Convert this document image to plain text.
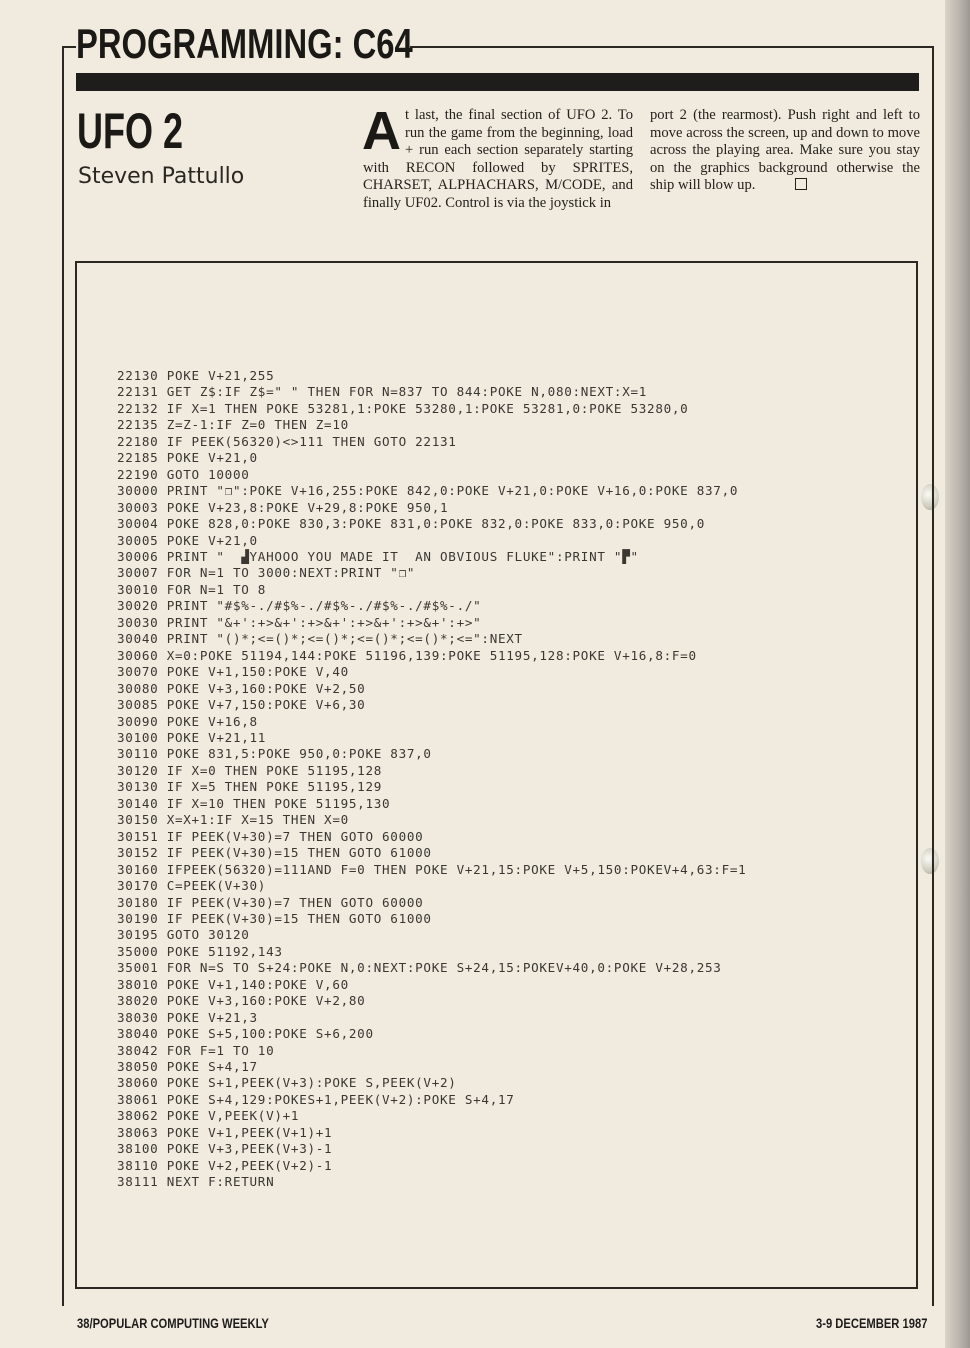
PROGRAMMING: C64
UFO 2
Steven Pattullo
At last, the final section of UFO 2. To run the game from the beginning, load + run each section separately starting with RECON followed by SPRITES, CHARSET, ALPHACHARS, M/CODE, and finally UF02. Control is via the joystick in
port 2 (the rearmost). Push right and left to move across the screen, up and down to move across the playing area. Make sure you stay on the graphics background otherwise the ship will blow up.
22130 POKE V+21,255
22131 GET Z$:IF Z$=" " THEN FOR N=837 TO 844:POKE N,080:NEXT:X=1
22132 IF X=1 THEN POKE 53281,1:POKE 53280,1:POKE 53281,0:POKE 53280,0
22135 Z=Z-1:IF Z=0 THEN Z=10
22180 IF PEEK(56320)<>111 THEN GOTO 22131
22185 POKE V+21,0
22190 GOTO 10000
30000 PRINT "❐":POKE V+16,255:POKE 842,0:POKE V+21,0:POKE V+16,0:POKE 837,0
30003 POKE V+23,8:POKE V+29,8:POKE 950,1
30004 POKE 828,0:POKE 830,3:POKE 831,0:POKE 832,0:POKE 833,0:POKE 950,0
30005 POKE V+21,0
30006 PRINT "  ▟YAHOOO YOU MADE IT  AN OBVIOUS FLUKE":PRINT "▛"
30007 FOR N=1 TO 3000:NEXT:PRINT "❐"
30010 FOR N=1 TO 8
30020 PRINT "#$%-./#$%-./#$%-./#$%-./#$%-./"
30030 PRINT "&+':+>&+':+>&+':+>&+':+>&+':+>"
30040 PRINT "()*;<=()*;<=()*;<=()*;<=()*;<=":NEXT
30060 X=0:POKE 51194,144:POKE 51196,139:POKE 51195,128:POKE V+16,8:F=0
30070 POKE V+1,150:POKE V,40
30080 POKE V+3,160:POKE V+2,50
30085 POKE V+7,150:POKE V+6,30
30090 POKE V+16,8
30100 POKE V+21,11
30110 POKE 831,5:POKE 950,0:POKE 837,0
30120 IF X=0 THEN POKE 51195,128
30130 IF X=5 THEN POKE 51195,129
30140 IF X=10 THEN POKE 51195,130
30150 X=X+1:IF X=15 THEN X=0
30151 IF PEEK(V+30)=7 THEN GOTO 60000
30152 IF PEEK(V+30)=15 THEN GOTO 61000
30160 IFPEEK(56320)=111AND F=0 THEN POKE V+21,15:POKE V+5,150:POKEV+4,63:F=1
30170 C=PEEK(V+30)
30180 IF PEEK(V+30)=7 THEN GOTO 60000
30190 IF PEEK(V+30)=15 THEN GOTO 61000
30195 GOTO 30120
35000 POKE 51192,143
35001 FOR N=S TO S+24:POKE N,0:NEXT:POKE S+24,15:POKEV+40,0:POKE V+28,253
38010 POKE V+1,140:POKE V,60
38020 POKE V+3,160:POKE V+2,80
38030 POKE V+21,3
38040 POKE S+5,100:POKE S+6,200
38042 FOR F=1 TO 10
38050 POKE S+4,17
38060 POKE S+1,PEEK(V+3):POKE S,PEEK(V+2)
38061 POKE S+4,129:POKES+1,PEEK(V+2):POKE S+4,17
38062 POKE V,PEEK(V)+1
38063 POKE V+1,PEEK(V+1)+1
38100 POKE V+3,PEEK(V+3)-1
38110 POKE V+2,PEEK(V+2)-1
38111 NEXT F:RETURN
38/POPULAR COMPUTING WEEKLY	3-9 DECEMBER 1987
